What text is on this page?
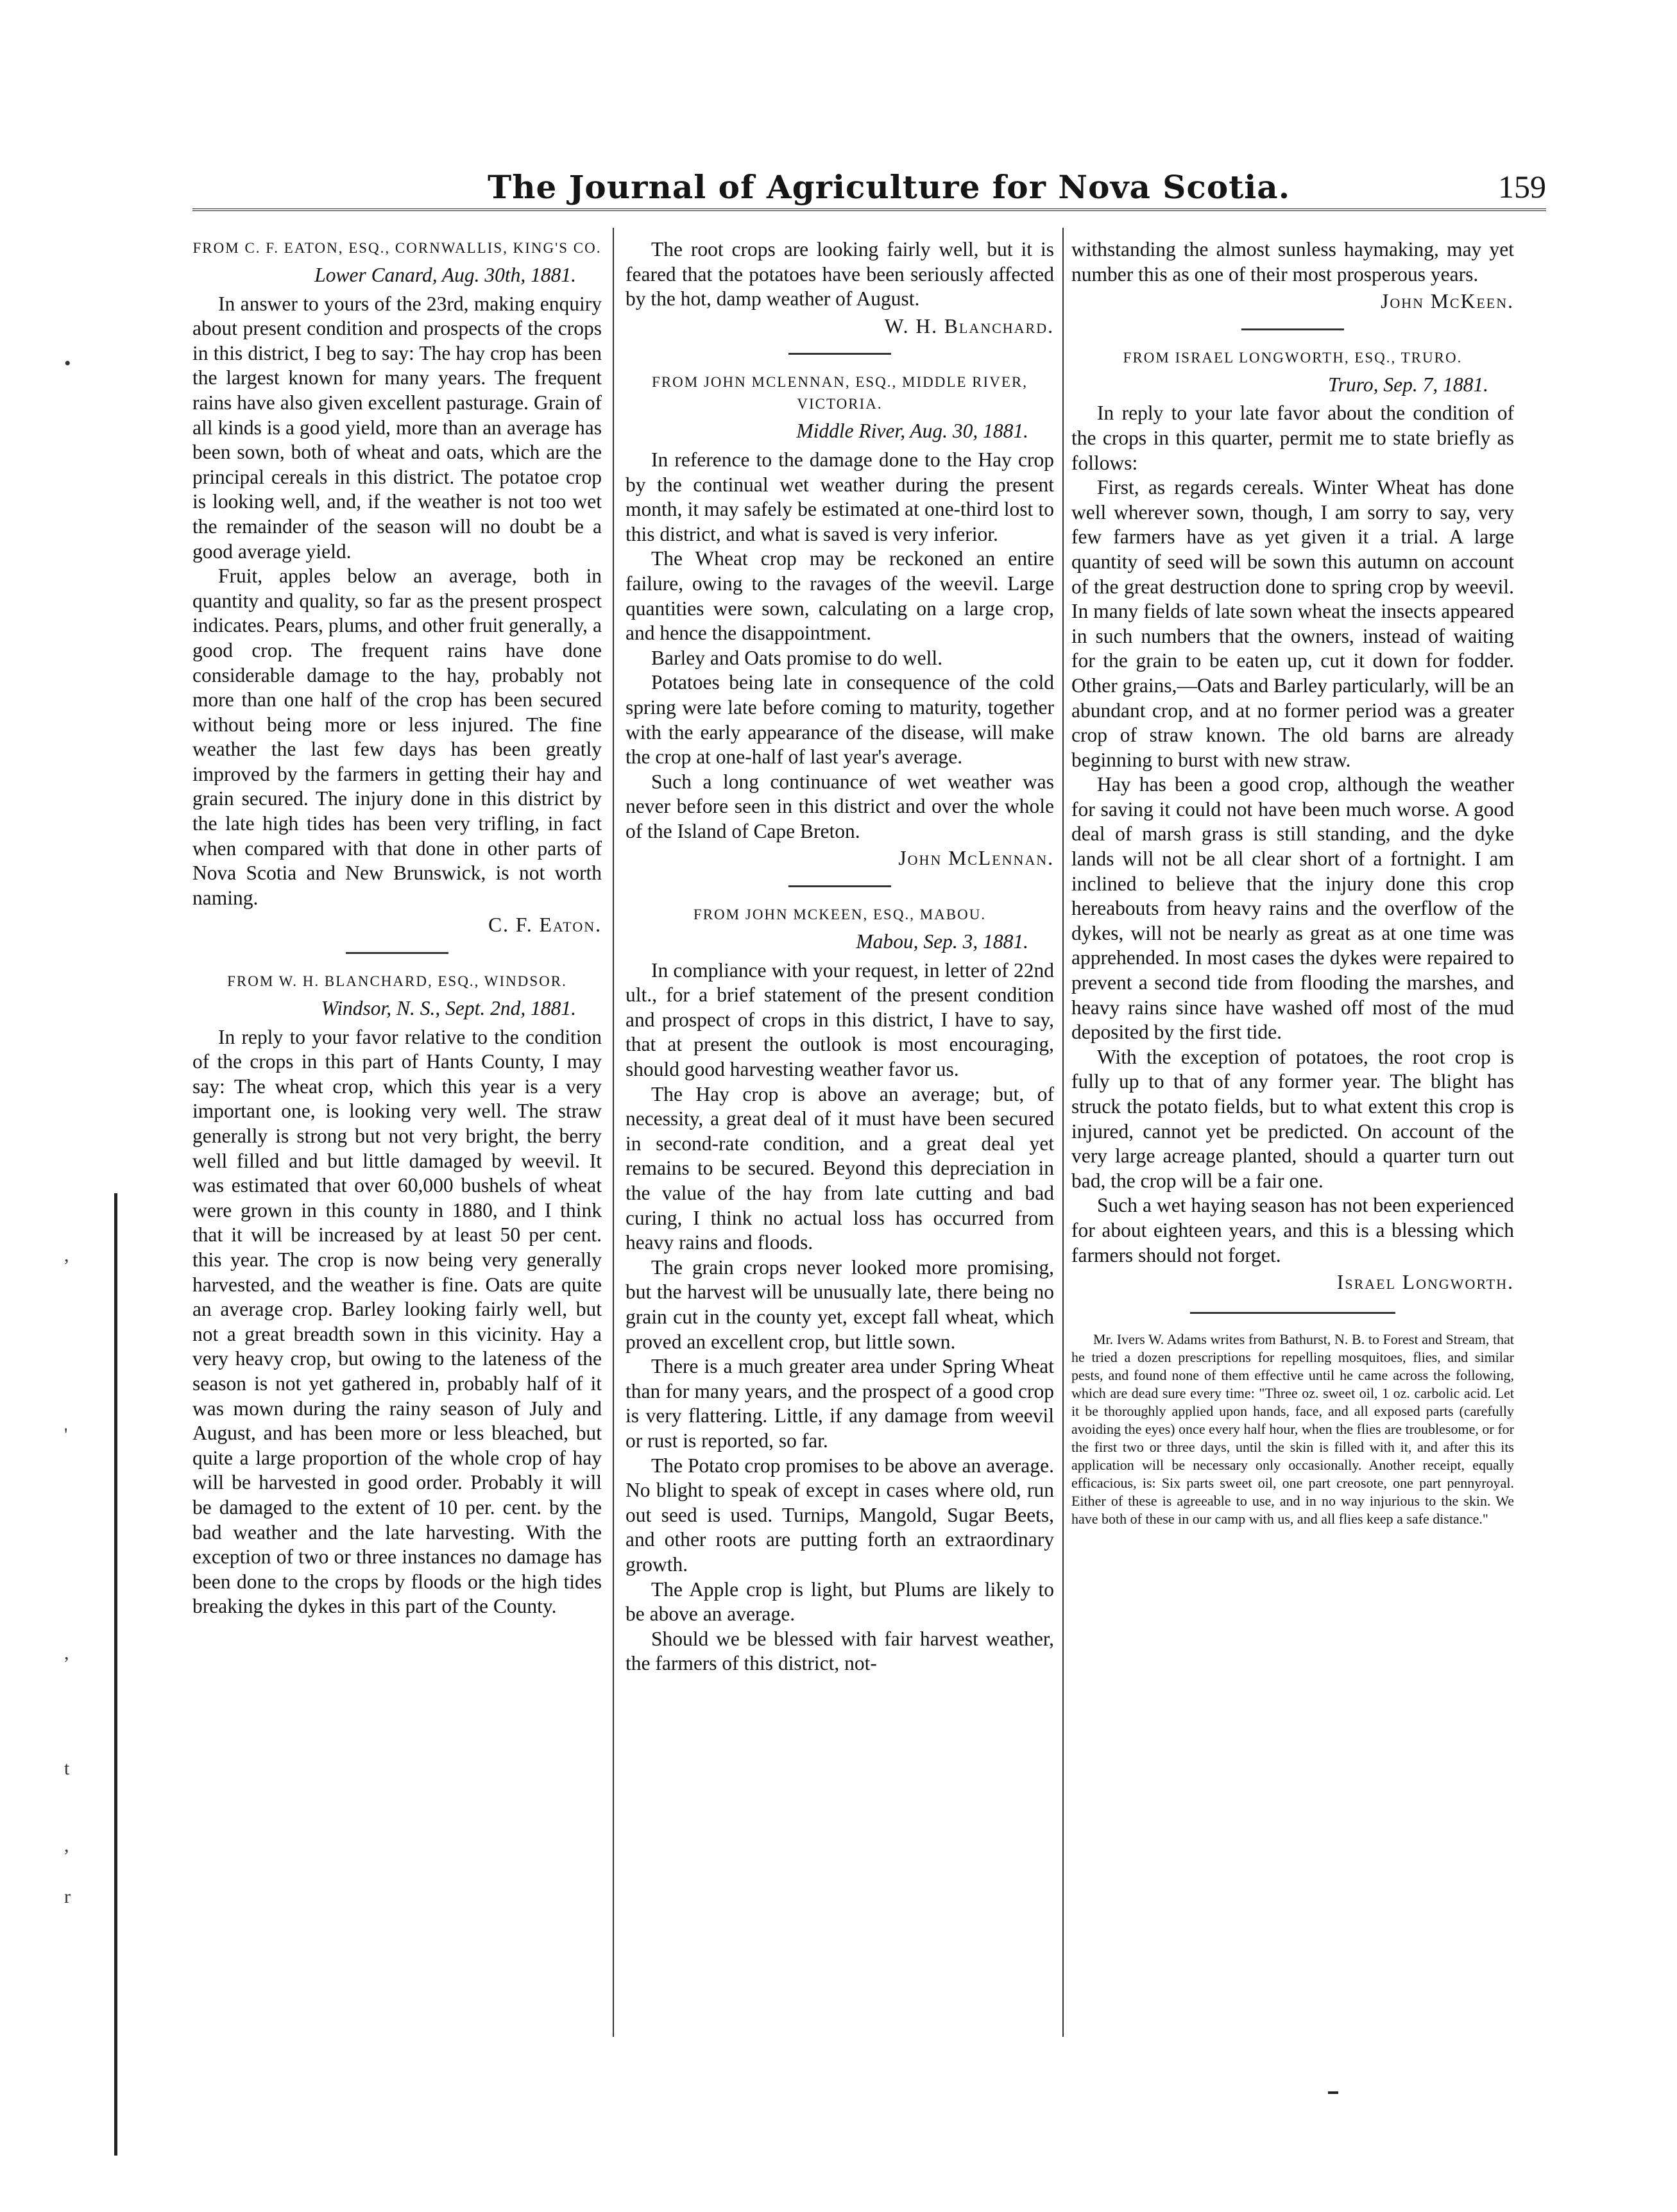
The Journal of Agriculture for Nova Scotia.	159
•
,
'
,
t
,
r
FROM C. F. EATON, ESQ., CORNWALLIS, KING'S CO.
Lower Canard, Aug. 30th, 1881.

In answer to yours of the 23rd, making enquiry about present condition and prospects of the crops in this district, I beg to say: The hay crop has been the largest known for many years. The frequent rains have also given excellent pasturage. Grain of all kinds is a good yield, more than an average has been sown, both of wheat and oats, which are the principal cereals in this district. The potatoe crop is looking well, and, if the weather is not too wet the remainder of the season will no doubt be a good average yield.

Fruit, apples below an average, both in quantity and quality, so far as the present prospect indicates. Pears, plums, and other fruit generally, a good crop. The frequent rains have done considerable damage to the hay, probably not more than one half of the crop has been secured without being more or less injured. The fine weather the last few days has been greatly improved by the farmers in getting their hay and grain secured. The injury done in this district by the late high tides has been very trifling, in fact when compared with that done in other parts of Nova Scotia and New Brunswick, is not worth naming.

C. F. Eaton.
FROM W. H. BLANCHARD, ESQ., WINDSOR.
Windsor, N. S., Sept. 2nd, 1881.

In reply to your favor relative to the condition of the crops in this part of Hants County, I may say: The wheat crop, which this year is a very important one, is looking very well. The straw generally is strong but not very bright, the berry well filled and but little damaged by weevil. It was estimated that over 60,000 bushels of wheat were grown in this county in 1880, and I think that it will be increased by at least 50 per cent. this year. The crop is now being very generally harvested, and the weather is fine. Oats are quite an average crop. Barley looking fairly well, but not a great breadth sown in this vicinity. Hay a very heavy crop, but owing to the lateness of the season is not yet gathered in, probably half of it was mown during the rainy season of July and August, and has been more or less bleached, but quite a large proportion of the whole crop of hay will be harvested in good order. Probably it will be damaged to the extent of 10 per. cent. by the bad weather and the late harvesting. With the exception of two or three instances no damage has been done to the crops by floods or the high tides breaking the dykes in this part of the County.

The root crops are looking fairly well, but it is feared that the potatoes have been seriously affected by the hot, damp weather of August.

W. H. Blanchard.
FROM JOHN MCLENNAN, ESQ., MIDDLE RIVER, VICTORIA.
Middle River, Aug. 30, 1881.

In reference to the damage done to the Hay crop by the continual wet weather during the present month, it may safely be estimated at one-third lost to this district, and what is saved is very inferior.

The Wheat crop may be reckoned an entire failure, owing to the ravages of the weevil. Large quantities were sown, calculating on a large crop, and hence the disappointment.

Barley and Oats promise to do well.

Potatoes being late in consequence of the cold spring were late before coming to maturity, together with the early appearance of the disease, will make the crop at one-half of last year's average.

Such a long continuance of wet weather was never before seen in this district and over the whole of the Island of Cape Breton.

John McLennan.
FROM JOHN MCKEEN, ESQ., MABOU.
Mabou, Sep. 3, 1881.

In compliance with your request, in letter of 22nd ult., for a brief statement of the present condition and prospect of crops in this district, I have to say, that at present the outlook is most encouraging, should good harvesting weather favor us.

The Hay crop is above an average; but, of necessity, a great deal of it must have been secured in second-rate condition, and a great deal yet remains to be secured. Beyond this depreciation in the value of the hay from late cutting and bad curing, I think no actual loss has occurred from heavy rains and floods.

The grain crops never looked more promising, but the harvest will be unusually late, there being no grain cut in the county yet, except fall wheat, which proved an excellent crop, but little sown.

There is a much greater area under Spring Wheat than for many years, and the prospect of a good crop is very flattering. Little, if any damage from weevil or rust is reported, so far.

The Potato crop promises to be above an average. No blight to speak of except in cases where old, run out seed is used. Turnips, Mangold, Sugar Beets, and other roots are putting forth an extraordinary growth.

The Apple crop is light, but Plums are likely to be above an average.

Should we be blessed with fair harvest weather, the farmers of this district, not-

withstanding the almost sunless haymaking, may yet number this as one of their most prosperous years.

John McKeen.
FROM ISRAEL LONGWORTH, ESQ., TRURO.
Truro, Sep. 7, 1881.

In reply to your late favor about the condition of the crops in this quarter, permit me to state briefly as follows:

First, as regards cereals. Winter Wheat has done well wherever sown, though, I am sorry to say, very few farmers have as yet given it a trial. A large quantity of seed will be sown this autumn on account of the great destruction done to spring crop by weevil. In many fields of late sown wheat the insects appeared in such numbers that the owners, instead of waiting for the grain to be eaten up, cut it down for fodder. Other grains,—Oats and Barley particularly, will be an abundant crop, and at no former period was a greater crop of straw known. The old barns are already beginning to burst with new straw.

Hay has been a good crop, although the weather for saving it could not have been much worse. A good deal of marsh grass is still standing, and the dyke lands will not be all clear short of a fortnight. I am inclined to believe that the injury done this crop hereabouts from heavy rains and the overflow of the dykes, will not be nearly as great as at one time was apprehended. In most cases the dykes were repaired to prevent a second tide from flooding the marshes, and heavy rains since have washed off most of the mud deposited by the first tide.

With the exception of potatoes, the root crop is fully up to that of any former year. The blight has struck the potato fields, but to what extent this crop is injured, cannot yet be predicted. On account of the very large acreage planted, should a quarter turn out bad, the crop will be a fair one.

Such a wet haying season has not been experienced for about eighteen years, and this is a blessing which farmers should not forget.

Israel Longworth.

Mr. Ivers W. Adams writes from Bathurst, N. B. to Forest and Stream, that he tried a dozen prescriptions for repelling mosquitoes, flies, and similar pests, and found none of them effective until he came across the following, which are dead sure every time: "Three oz. sweet oil, 1 oz. carbolic acid. Let it be thoroughly applied upon hands, face, and all exposed parts (carefully avoiding the eyes) once every half hour, when the flies are troublesome, or for the first two or three days, until the skin is filled with it, and after this its application will be necessary only occasionally. Another receipt, equally efficacious, is: Six parts sweet oil, one part creosote, one part pennyroyal. Either of these is agreeable to use, and in no way injurious to the skin. We have both of these in our camp with us, and all flies keep a safe distance."
